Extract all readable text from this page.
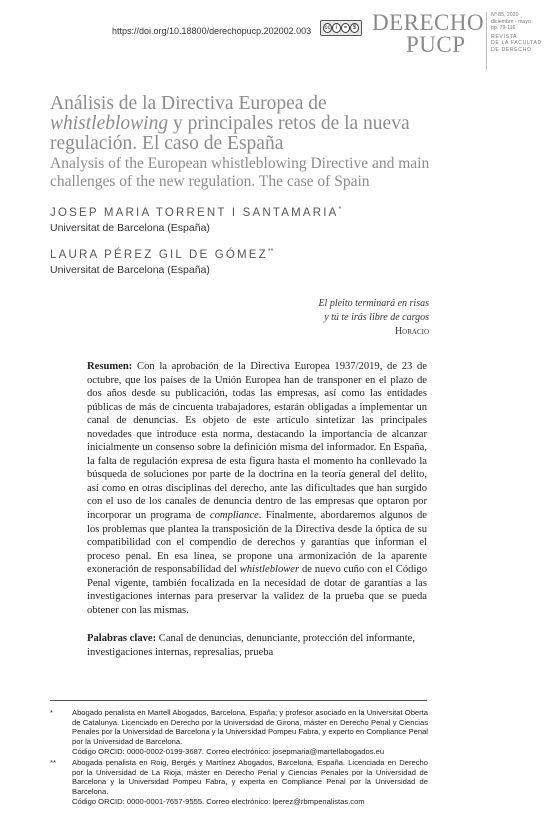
https://doi.org/10.18800/derechopucp.202002.003 cc i	= $ DERECHO
PUCP
N° 85, 2020
diciembre - mayo
pp. 79-116
REVISTA
DE LA FACULTAD
DE DERECHO
Análisis de la Directiva Europea de whistleblowing y principales retos de la nueva regulación. El caso de España
Analysis of the European whistleblowing Directive and main challenges of the new regulation. The case of Spain
JOSEP MARIA TORRENT I SANTAMARIA*
Universitat de Barcelona (España)
LAURA PÉREZ GIL DE GÓMEZ**
Universitat de Barcelona (España)
El pleito terminará en risas
y tú te irás libre de cargos
Horacio
Resumen: Con la aprobación de la Directiva Europea 1937/2019, de 23 de octubre, que los países de la Unión Europea han de transponer en el plazo de dos años desde su publicación, todas las empresas, así como las entidades públicas de más de cincuenta trabajadores, estarán obligadas a implementar un canal de denuncias. Es objeto de este artículo sintetizar las principales novedades que introduce esta norma, destacando la importancia de alcanzar inicialmente un consenso sobre la definición misma del informador. En España, la falta de regulación expresa de esta figura hasta el momento ha conllevado la búsqueda de soluciones por parte de la doctrina en la teoría general del delito, así como en otras disciplinas del derecho, ante las dificultades que han surgido con el uso de los canales de denuncia dentro de las empresas que optaron por incorporar un programa de compliance. Finalmente, abordaremos algunos de los problemas que plantea la transposición de la Directiva desde la óptica de su compatibilidad con el compendio de derechos y garantías que informan el proceso penal. En esa línea, se propone una armonización de la aparente exoneración de responsabilidad del whistleblower de nuevo cuño con el Código Penal vigente, también focalizada en la necesidad de dotar de garantías a las investigaciones internas para preservar la validez de la prueba que se pueda obtener con las mismas.
Palabras clave: Canal de denuncias, denunciante, protección del informante, investigaciones internas, represalias, prueba
*	Abogado penalista en Martell Abogados, Barcelona, España; y profesor asociado en la Universitat Oberta de Catalunya. Licenciado en Derecho por la Universidad de Girona, máster en Derecho Penal y Ciencias Penales por la Universidad de Barcelona y la Universidad Pompeu Fabra, y experto en Compliance Penal por la Universidad de Barcelona.
Código ORCID: 0000-0002-0199-3687. Correo electrónico: josepmaria@martellabogados.eu
** Abogada penalista en Roig, Bergés y Martínez Abogados, Barcelona, España. Licenciada en Derecho por la Universidad de La Rioja, máster en Derecho Penal y Ciencias Penales por la Universidad de Barcelona y la Universidad Pompeu Fabra, y experta en Compliance Penal por la Universidad de Barcelona.
Código ORCID: 0000-0001-7657-9555. Correo electrónico: lperez@rbmpenalistas.com
